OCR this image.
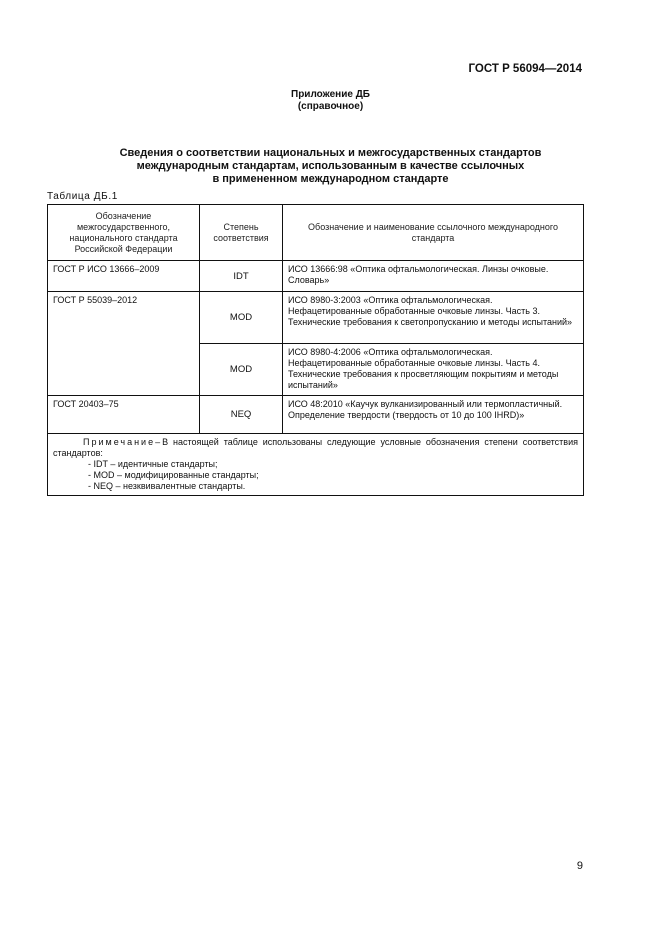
ГОСТ Р 56094—2014
Приложение ДБ
(справочное)
Сведения о соответствии национальных и межгосударственных стандартов
международным стандартам, использованным в качестве ссылочных
в примененном международном стандарте
Таблица ДБ.1
Обозначение межгосударственного, национального стандарта Российской Федерации	Степень соответствия	Обозначение и наименование ссылочного международного стандарта
ГОСТ Р ИСО 13666–2009	IDT	ИСО 13666:98 «Оптика офтальмологическая. Линзы очковые. Словарь»
ГОСТ Р 55039–2012	MOD	ИСО 8980-3:2003 «Оптика офтальмологическая. Нефацетированные обработанные очковые линзы. Часть 3. Технические требования к светопропусканию и методы испытаний»
	MOD	ИСО 8980-4:2006 «Оптика офтальмологическая. Нефацетированные обработанные очковые линзы. Часть 4. Технические требования к просветляющим покрытиям и методы испытаний»
ГОСТ 20403–75	NEQ	ИСО 48:2010 «Каучук вулканизированный или термопластичный. Определение твердости (твердость от 10 до 100 IHRD)»

Примечание–В настоящей таблице использованы следующие условные обозначения степени соответствия стандартов:

- IDT – идентичные стандарты;
- MOD – модифицированные стандарты;
- NEQ – незквивалентные стандарты.		
9
